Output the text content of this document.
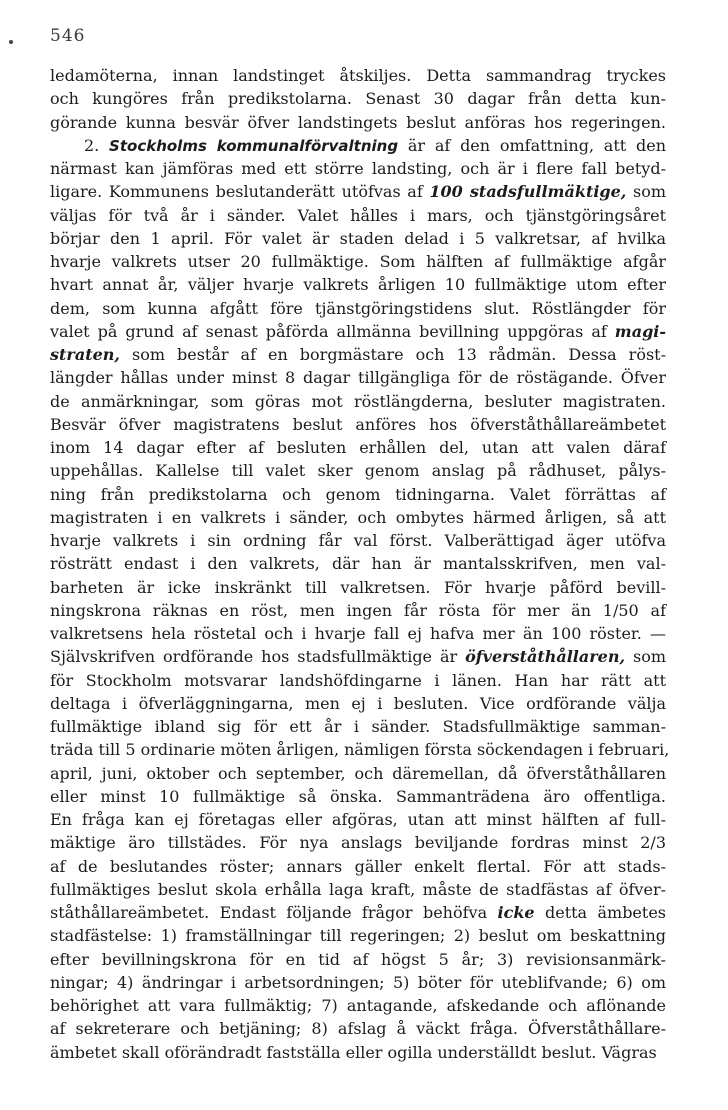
546
ledamöterna, innan landstinget åtskiljes. Detta sammandrag tryckes
och kungöres från predikstolarna. Senast 30 dagar från detta kun-
görande kunna besvär öfver landstingets beslut anföras hos regeringen.
2. Stockholms kommunalförvaltning är af den omfattning, att den
närmast kan jämföras med ett större landsting, och är i flere fall betyd-
ligare. Kommunens beslutanderätt utöfvas af 100 stadsfullmäktige, som
väljas för två år i sänder. Valet hålles i mars, och tjänstgöringsåret
börjar den 1 april. För valet är staden delad i 5 valkretsar, af hvilka
hvarje valkrets utser 20 fullmäktige. Som hälften af fullmäktige afgår
hvart annat år, väljer hvarje valkrets årligen 10 fullmäktige utom efter
dem, som kunna afgått före tjänstgöringstidens slut. Röstlängder för
valet på grund af senast påförda allmänna bevillning uppgöras af magi-
straten, som består af en borgmästare och 13 rådmän. Dessa röst-
längder hållas under minst 8 dagar tillgängliga för de röstägande. Öfver
de anmärkningar, som göras mot röstlängderna, besluter magistraten.
Besvär öfver magistratens beslut anföres hos öfverståthållareämbetet
inom 14 dagar efter af besluten erhållen del, utan att valen däraf
uppehållas. Kallelse till valet sker genom anslag på rådhuset, pålys-
ning från predikstolarna och genom tidningarna. Valet förrättas af
magistraten i en valkrets i sänder, och ombytes härmed årligen, så att
hvarje valkrets i sin ordning får val först. Valberättigad äger utöfva
rösträtt endast i den valkrets, där han är mantalsskrifven, men val-
barheten är icke inskränkt till valkretsen. För hvarje påförd bevill-
ningskrona räknas en röst, men ingen får rösta för mer än 1/50 af
valkretsens hela röstetal och i hvarje fall ej hafva mer än 100 röster. —
Självskrifven ordförande hos stadsfullmäktige är öfverståthållaren, som
för Stockholm motsvarar landshöfdingarne i länen. Han har rätt att
deltaga i öfverläggningarna, men ej i besluten. Vice ordförande välja
fullmäktige ibland sig för ett år i sänder. Stadsfullmäktige samman-
träda till 5 ordinarie möten årligen, nämligen första söckendagen i februari,
april, juni, oktober och september, och däremellan, då öfverståthållaren
eller minst 10 fullmäktige så önska. Sammanträdena äro offentliga.
En fråga kan ej företagas eller afgöras, utan att minst hälften af full-
mäktige äro tillstädes. För nya anslags beviljande fordras minst 2/3
af de beslutandes röster; annars gäller enkelt flertal. För att stads-
fullmäktiges beslut skola erhålla laga kraft, måste de stadfästas af öfver-
ståthållareämbetet. Endast följande frågor behöfva icke detta ämbetes
stadfästelse: 1) framställningar till regeringen; 2) beslut om beskattning
efter bevillningskrona för en tid af högst 5 år; 3) revisionsanmärk-
ningar; 4) ändringar i arbetsordningen; 5) böter för uteblifvande; 6) om
behörighet att vara fullmäktig; 7) antagande, afskedande och aflönande
af sekreterare och betjäning; 8) afslag å väckt fråga. Öfverståthållare-
ämbetet skall oförändradt fastställa eller ogilla underställdt beslut. Vägras
